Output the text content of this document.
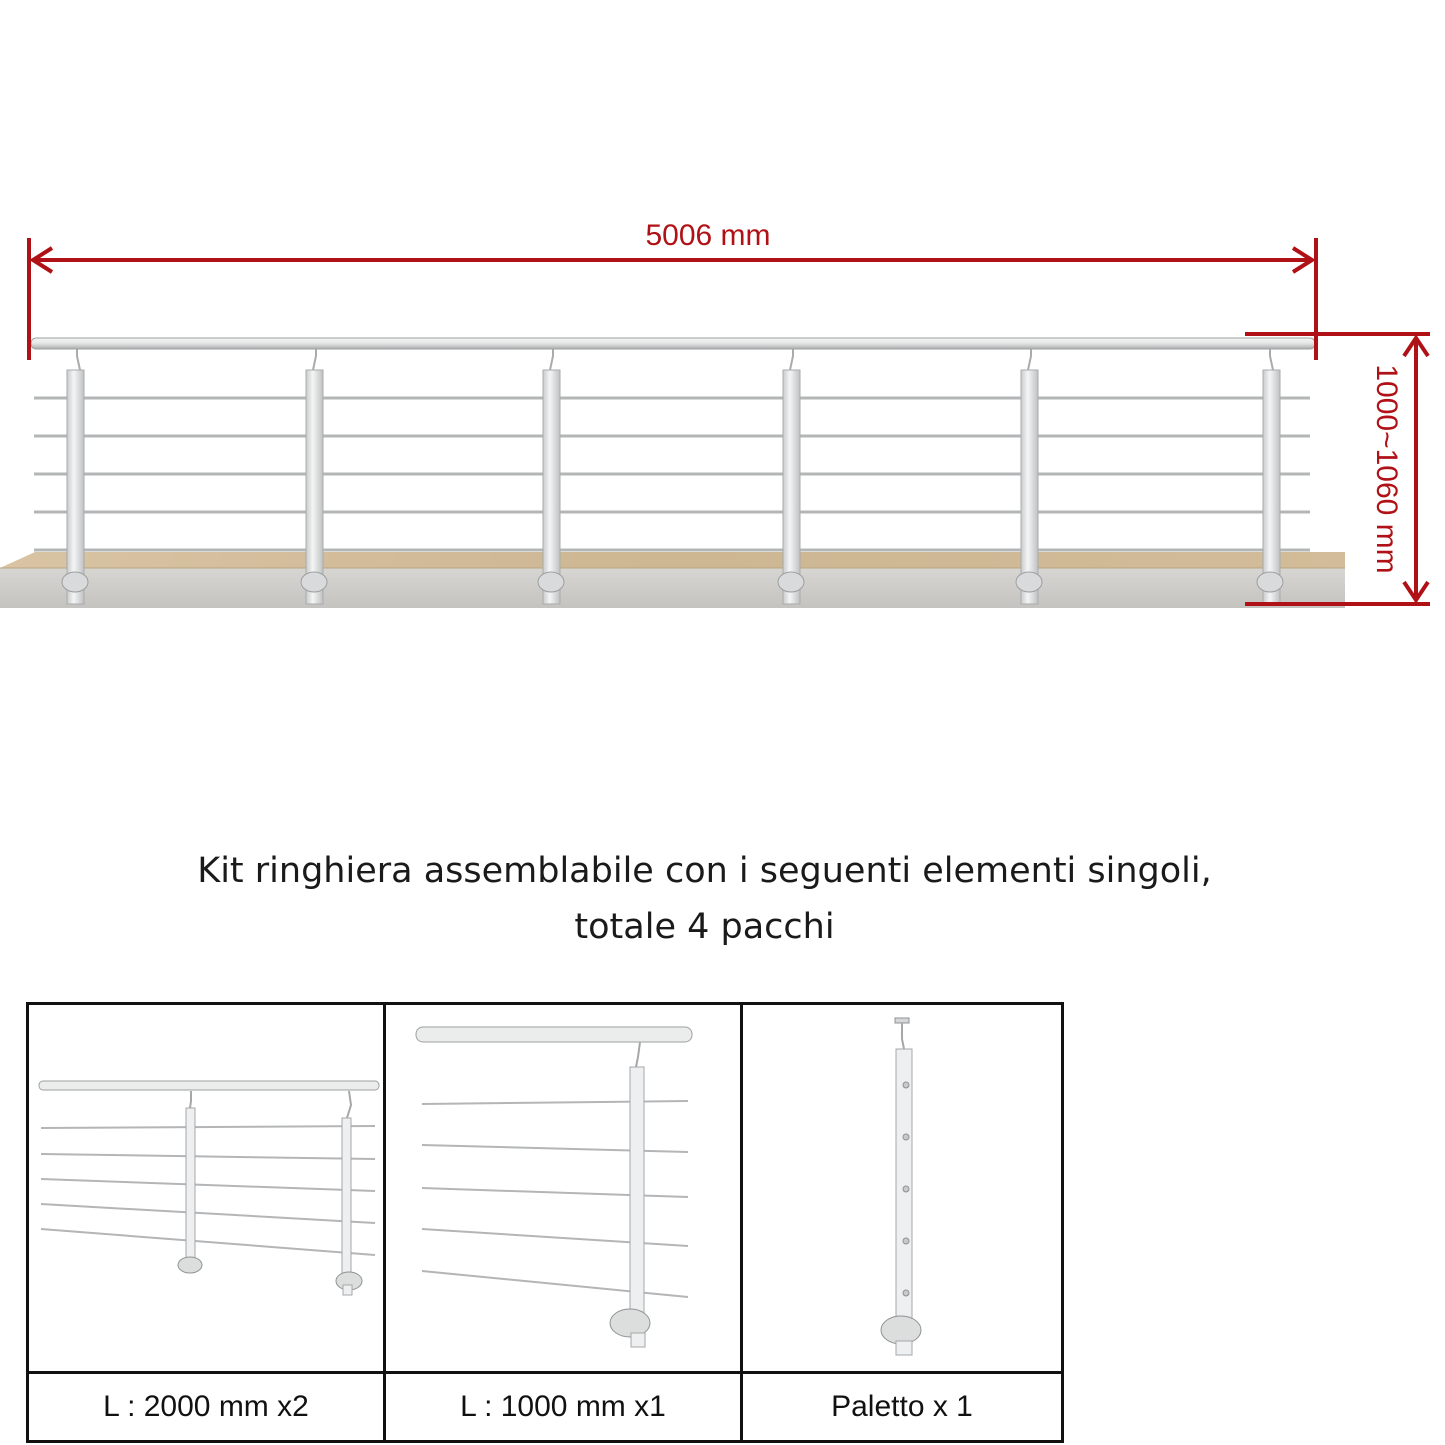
5006 mm
1000~1060 mm
Kit ringhiera assemblabile con i seguenti elementi singoli,
totale 4 pacchi

L : 2000 mm x2	L : 1000 mm x1	Paletto x 1
